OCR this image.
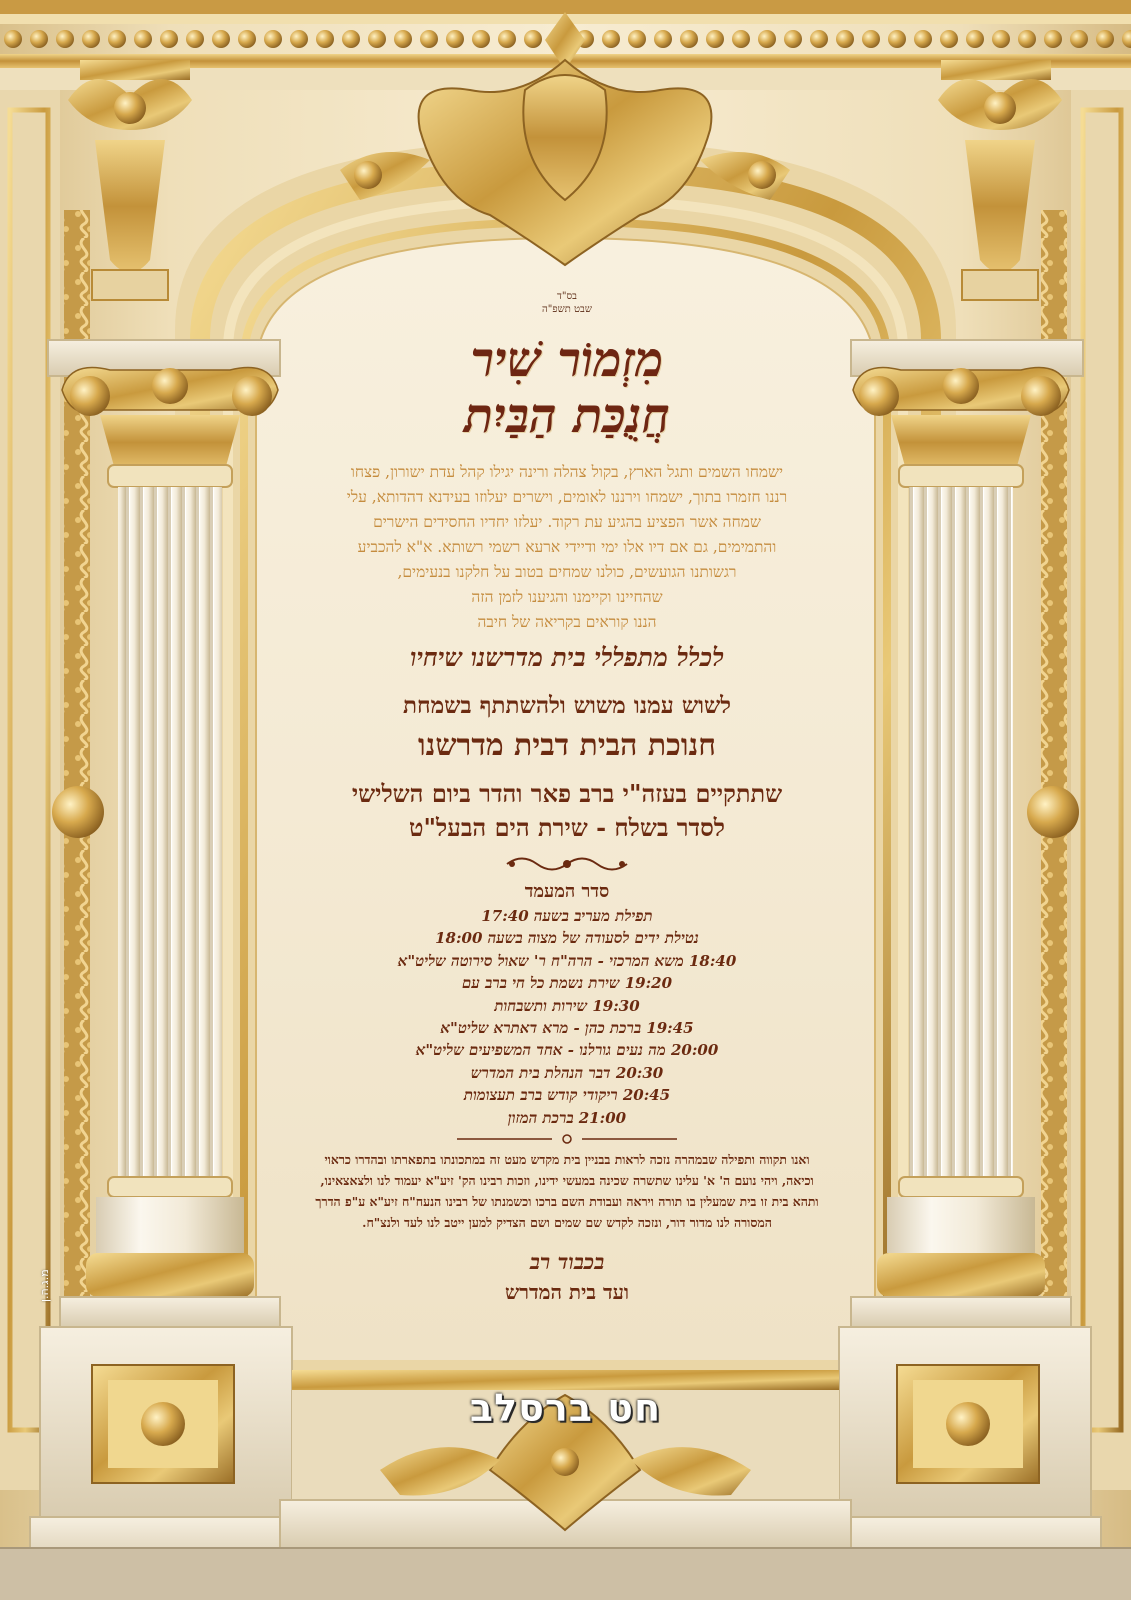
בס"ד
שבט תשפ"ה
מִזְמוֹר שִׁיר
חֲנֻכַּת הַבַּיִת
ישמחו השמים ותגל הארץ, בקול צהלה ורינה יגילו קהל עדת ישורון, פצחו
רננו חזמרו בתוך, ישמחו וירננו לאומים, וישרים יעלוזו בעידנא דהדותא, עלי
שמחה אשר הפציע בהגיע עת רקוד. יעלזו יחדיו החסידים הישרים
והתמימים, גם אם דיו אלו ימי ודיידי ארעא רשמי רשותא. א"א להכביע
רגשותנו הגועשים, כולנו שמחים בטוב על חלקנו בנעימים,
שהחיינו וקיימנו והגיענו לזמן הזה
הננו קוראים בקריאה של חיבה
לכלל מתפללי בית מדרשנו שיחיו
לשוש עמנו משוש ולהשתתף בשמחת
חנוכת הבית דבית מדרשנו
שתתקיים בעזה"י ברב פאר והדר ביום השלישי
לסדר בשלח - שירת הים הבעל"ט
סדר המעמד
תפילת מעריב בשעה 17:40
נטילת ידים לסעודה של מצוה בשעה 18:00
18:40 משא המרכזי - הרה"ח ר' שאול סירוטה שליט"א
19:20 שירת נשמת כל חי ברב עם
19:30 שירות ותשבחות
19:45 ברכת כהן - מרא דאתרא שליט"א
20:00 מה נעים גורלנו - אחד המשפיעים שליט"א
20:30 דבר הנהלת בית המדרש
20:45 ריקודי קודש ברב תעצומות
21:00 ברכת המזון
ואנו תקווה ותפילה שבמהרה נזכה לראות בבניין בית מקדש מעט זה במתכונתו בתפארתו ובהדרו כראוי
וכיאה, ויהי נועם ה' א' עלינו שתשרה שכינה במעשי ידינו, וזכות רבינו הק' זיע"א יעמוד לנו ולצאצאינו,
ותהא בית זו בית שמעלין בו תורה ויראה ועבודת השם ברכו וכשמנתו של רבינו הנעח"ח זיע"א ע"פ הדרך
המסורה לנו מדור דור, ונזכה לקדש שם שמים ושם הצדיק למען ייטב לנו לעד ולנצ"ח.
בכבוד רב
ועד בית המדרש
חט ברסלב
מ.ג.ה.ן
